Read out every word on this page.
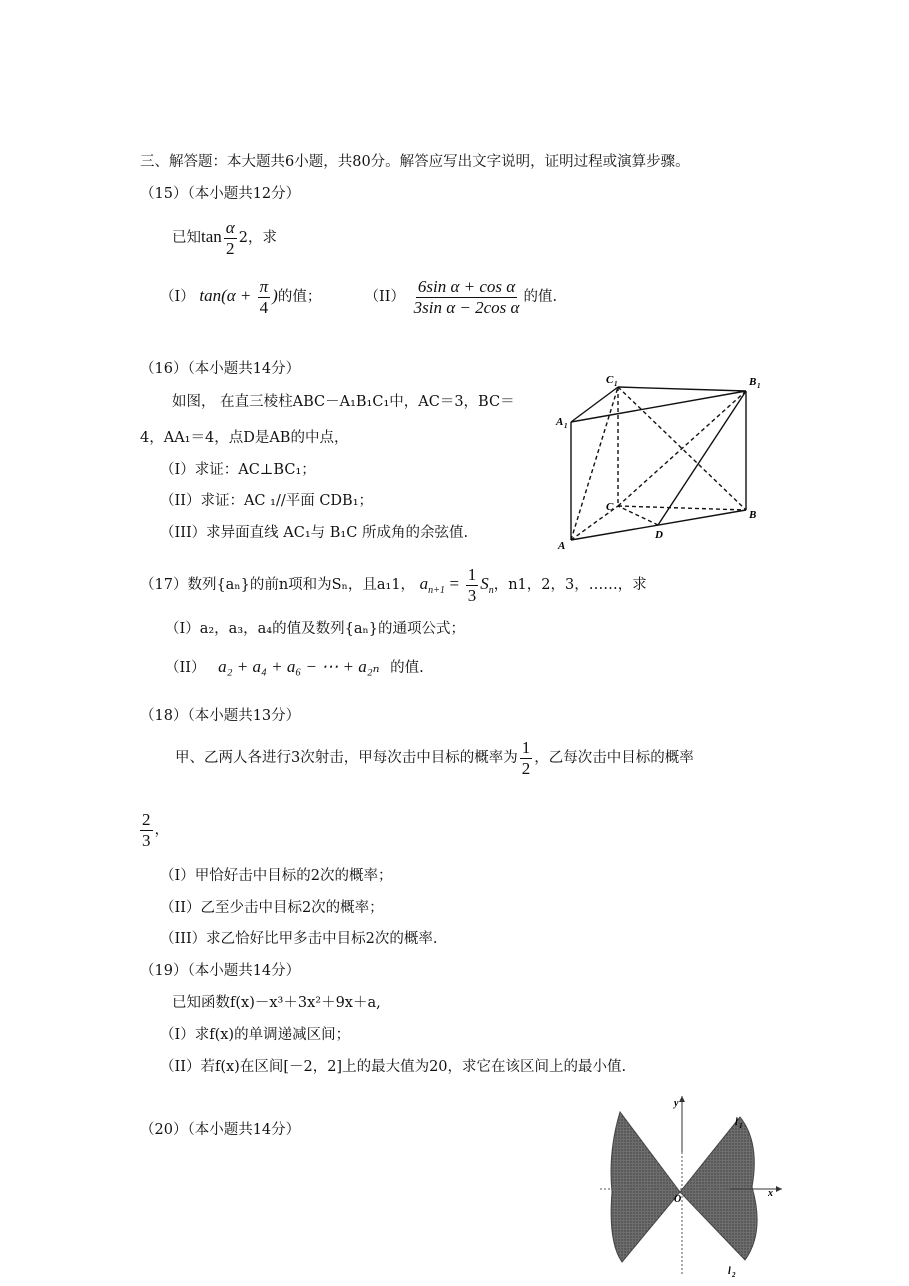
三、解答题：本大题共6小题，共80分。解答应写出文字说明，证明过程或演算步骤。
（15）（本小题共12分）
已知$\tan \frac{\alpha}{2} 2$，求
（I） $\tan(\alpha + \frac{\pi}{4}$ )的值；	$(II) \frac{\text{6sin α + cos α}}{\text{3sin α − 2cos α}}$ 的值.
（16）（本小题共14分）
如图， 在直三棱柱ABC－A₁B₁C₁中，AC＝3，BC＝
4，AA₁＝4，点D是AB的中点，
（I）求证：AC⊥BC₁；
（II）求证：AC ₁//平面 CDB₁；
（III）求异面直线 AC₁与 B₁C 所成角的余弦值.
C 1	B 1
A 1
C
B
A
D
（17）数列{aₙ}的前n项和为Sₙ，且a₁1， $a_{n+1} = \frac{1}{3} S_n$，n1，2，3，……，求
（I）a₂，a₃，a₄的值及数列{aₙ}的通项公式；
（II） a₂ + a₄ + a₆ − ⋯ + a₂ₙ 的值.
（18）（本小题共13分）
甲、乙两人各进行3次射击，甲每次击中目标的概率为 $\frac{1}{2}$ ，乙每次击中目标的概率
$\frac{2}{3}$ ，
（I）甲恰好击中目标的2次的概率；
（II）乙至少击中目标2次的概率；
（III）求乙恰好比甲多击中目标2次的概率.
（19）（本小题共14分）
已知函数f(x)－x³＋3x²＋9x＋a,
（I）求f(x)的单调递减区间；
（II）若f(x)在区间[－2，2]上的最大值为20，求它在该区间上的最小值.
（20）（本小题共14分）
y
x
O
l 1
l 2
